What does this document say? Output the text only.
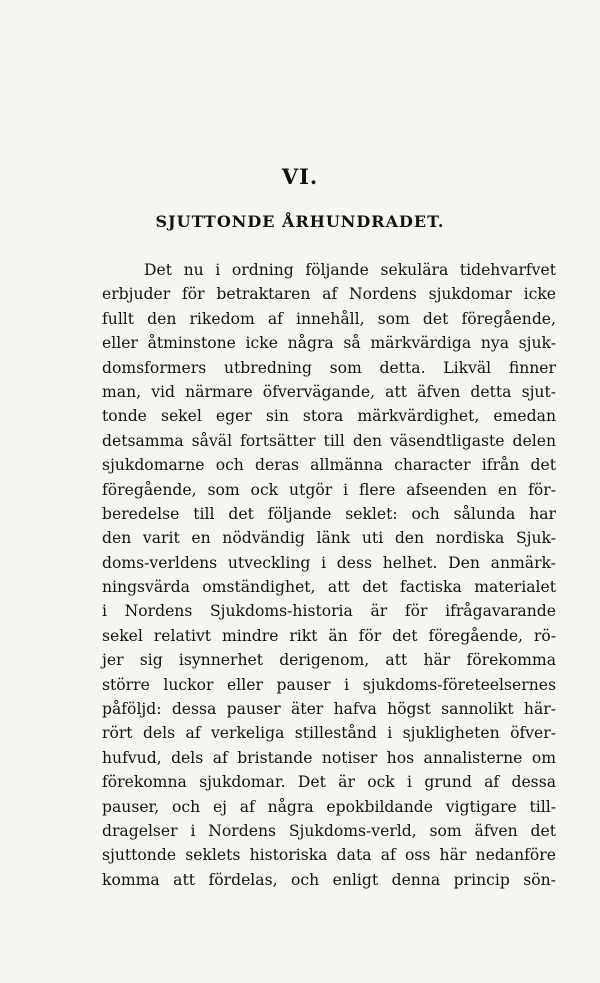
VI.
SJUTTONDE ÅRHUNDRADET.
Det nu i ordning följande sekulära tidehvarfvet
erbjuder för betraktaren af Nordens sjukdomar icke
fullt den rikedom af innehåll, som det föregående,
eller åtminstone icke några så märkvärdiga nya sjuk-
domsformers utbredning som detta. Likväl finner
man, vid närmare öfvervägande, att äfven detta sjut-
tonde sekel eger sin stora märkvärdighet, emedan
detsamma såväl fortsätter till den väsendtligaste delen
sjukdomarne och deras allmänna character ifrån det
föregående, som ock utgör i flere afseenden en för-
beredelse till det följande seklet: och sålunda har
den varit en nödvändig länk uti den nordiska Sjuk-
doms-verldens utveckling i dess helhet. Den anmärk-
ningsvärda omständighet, att det factiska materialet
i Nordens Sjukdoms-historia är för ifrågavarande
sekel relativt mindre rikt än för det föregående, rö-
jer sig isynnerhet derigenom, att här förekomma
större luckor eller pauser i sjukdoms-företeelsernes
påföljd: dessa pauser äter hafva högst sannolikt här-
rört dels af verkeliga stillestånd i sjukligheten öfver-
hufvud, dels af bristande notiser hos annalisterne om
förekomna sjukdomar. Det är ock i grund af dessa
pauser, och ej af några epokbildande vigtigare till-
dragelser i Nordens Sjukdoms-verld, som äfven det
sjuttonde seklets historiska data af oss här nedanföre
komma att fördelas, och enligt denna princip sön-
